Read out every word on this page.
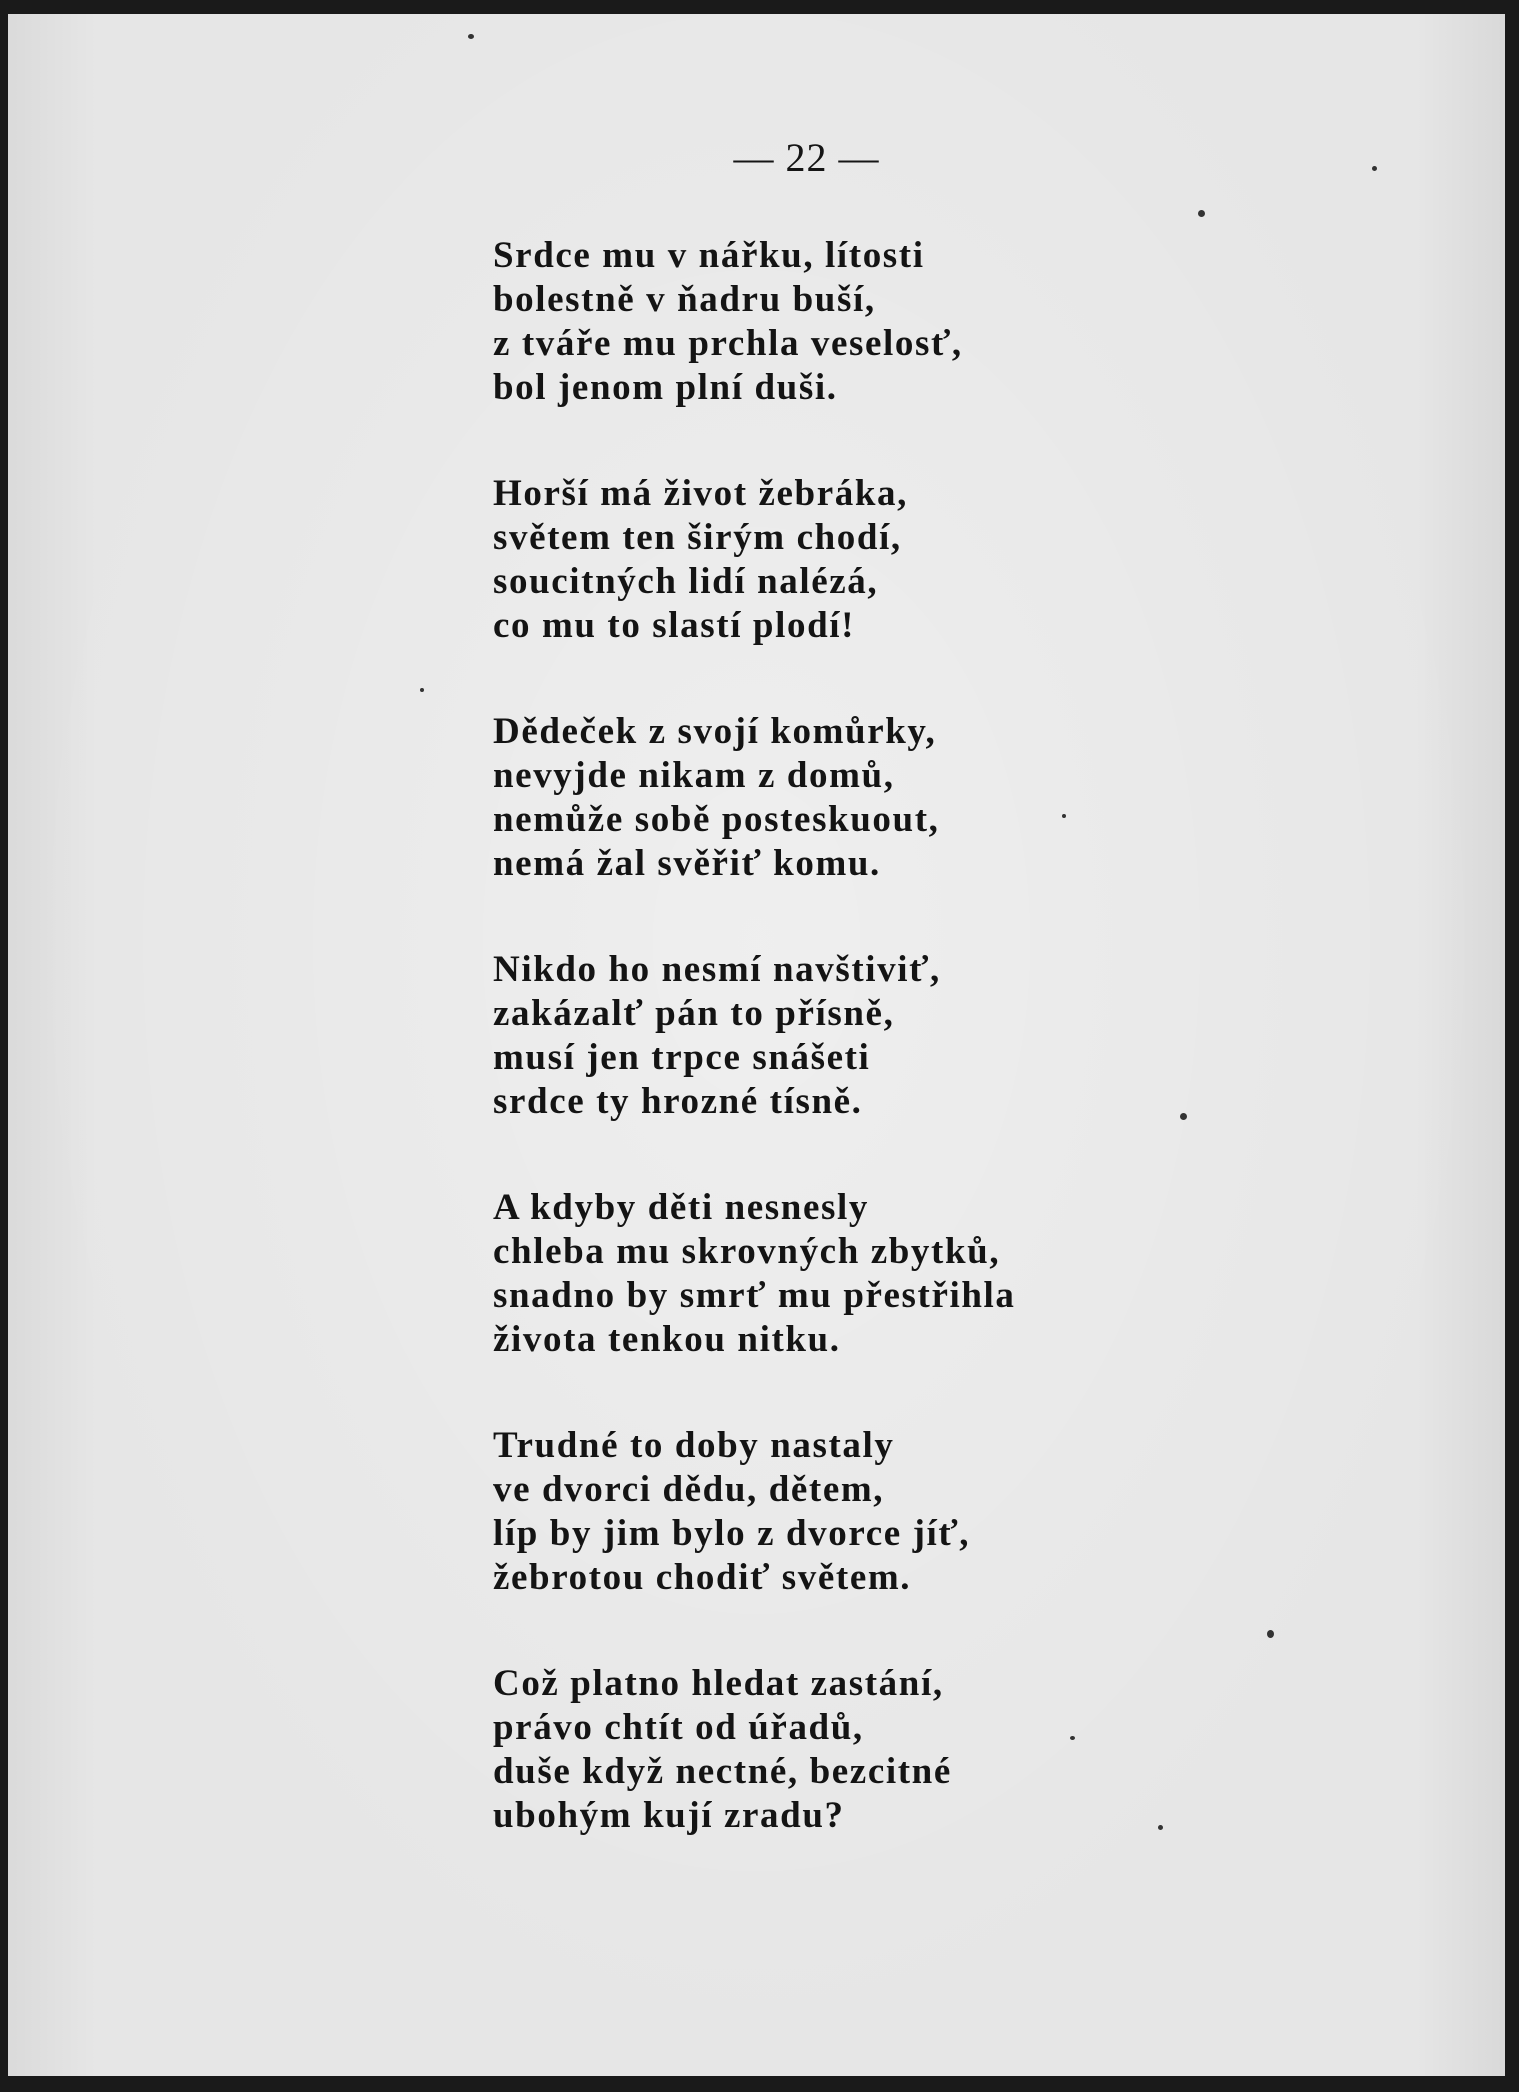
— 22 —
Srdce mu v nářku, lítosti
bolestně v ňadru buší,
z tváře mu prchla veselosť,
bol jenom plní duši.
Horší má život žebráka,
světem ten širým chodí,
soucitných lidí nalézá,
co mu to slastí plodí!
Dědeček z svojí komůrky,
nevyjde nikam z domů,
nemůže sobě posteskuout,
nemá žal svěřiť komu.
Nikdo ho nesmí navštiviť,
zakázalť pán to přísně,
musí jen trpce snášeti
srdce ty hrozné tísně.
A kdyby děti nesnesly
chleba mu skrovných zbytků,
snadno by smrť mu přestřihla
života tenkou nitku.
Trudné to doby nastaly
ve dvorci dědu, dětem,
líp by jim bylo z dvorce jíť,
žebrotou chodiť světem.
Což platno hledat zastání,
právo chtít od úřadů,
duše když nectné, bezcitné
ubohým kují zradu?
